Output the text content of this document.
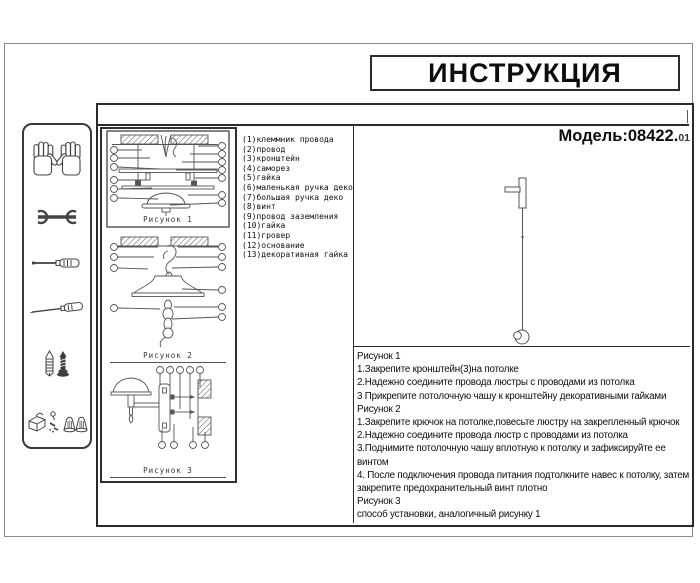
ИНСТРУКЦИЯ
Модель:08422.01
Рисунок 1
Рисунок 2
Рисунок 3
(1)клеммник провода
(2)провод
(3)кронштейн
(4)саморез
(5)гайка
(6)маленькая ручка деко
(7)большая ручка деко
(8)винт
(9)провод заземления
(10)гайка
(11)гровер
(12)основание
(13)декоративная гайка
Рисунок 1
1.Закрепите кронштейн(3)на потолке
2.Надежно соедините провода люстры с проводами из потолка
3 Прикрепите потолочную чашу к кронштейну декоративными гайками
Рисунок 2
1.Закрепите крючок на потолке,повесьте люстру на закрепленный крючок
2.Надежно соедините провода люстр с проводами из потолка
3.Поднимите потолочную чашу вплотную к потолку и зафиксируйте ее винтом
4. После подключения провода питания подтолкните навес к потолку, затем закрепите предохранительный винт плотно
Рисунок 3
способ установки, аналогичный рисунку 1
